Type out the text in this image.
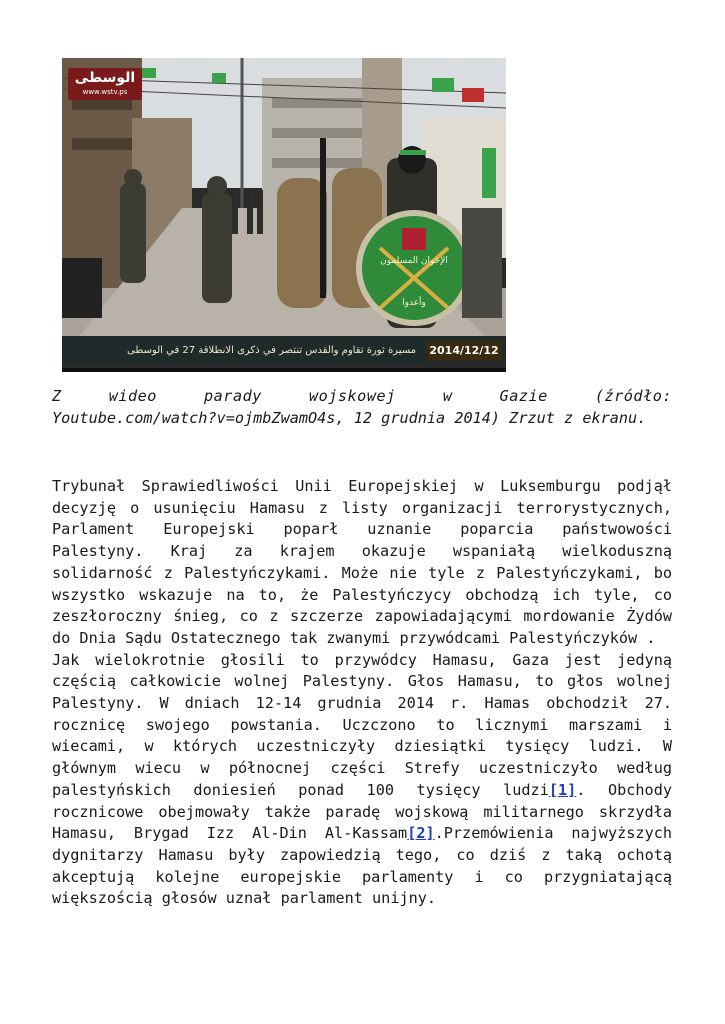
الوسطى
www.wstv.ps
مسيرة ثورة تقاوم والقدس تنتصر في ذكرى الانطلاقة 27 في الوسطى	2014/12/12
الإخوان المسلمون
وأعدوا
Z wideo parady wojskowej w Gazie (źródło:
Youtube.com/watch?v=ojmbZwamO4s, 12 grudnia 2014) Zrzut z ekranu.

Trybunał Sprawiedliwości Unii Europejskiej w Luksemburgu podjął decyzję o usunięciu Hamasu z listy organizacji terrorystycznych, Parlament Europejski poparł uznanie poparcia państwowości Palestyny. Kraj za krajem okazuje wspaniałą wielkoduszną solidarność z Palestyńczykami. Może nie tyle z Palestyńczykami, bo wszystko wskazuje na to, że Palestyńczycy obchodzą ich tyle, co zeszłoroczny śnieg, co z szczerze zapowiadającymi mordowanie Żydów do Dnia Sądu Ostatecznego tak zwanymi przywódcami Palestyńczyków .

Jak wielokrotnie głosili to przywódcy Hamasu, Gaza jest jedyną częścią całkowicie wolnej Palestyny. Głos Hamasu, to głos wolnej Palestyny. W dniach 12-14 grudnia 2014 r. Hamas obchodził 27. rocznicę swojego powstania. Uczczono to licznymi marszami i wiecami, w których uczestniczyły dziesiątki tysięcy ludzi. W głównym wiecu w północnej części Strefy uczestniczyło według palestyńskich doniesień ponad 100 tysięcy ludzi[1]. Obchody rocznicowe obejmowały także paradę wojskową militarnego skrzydła Hamasu, Brygad Izz Al-Din Al-Kassam[2].Przemówienia najwyższych dygnitarzy Hamasu były zapowiedzią tego, co dziś z taką ochotą akceptują kolejne europejskie parlamenty i co przygniatającą większością głosów uznał parlament unijny.
